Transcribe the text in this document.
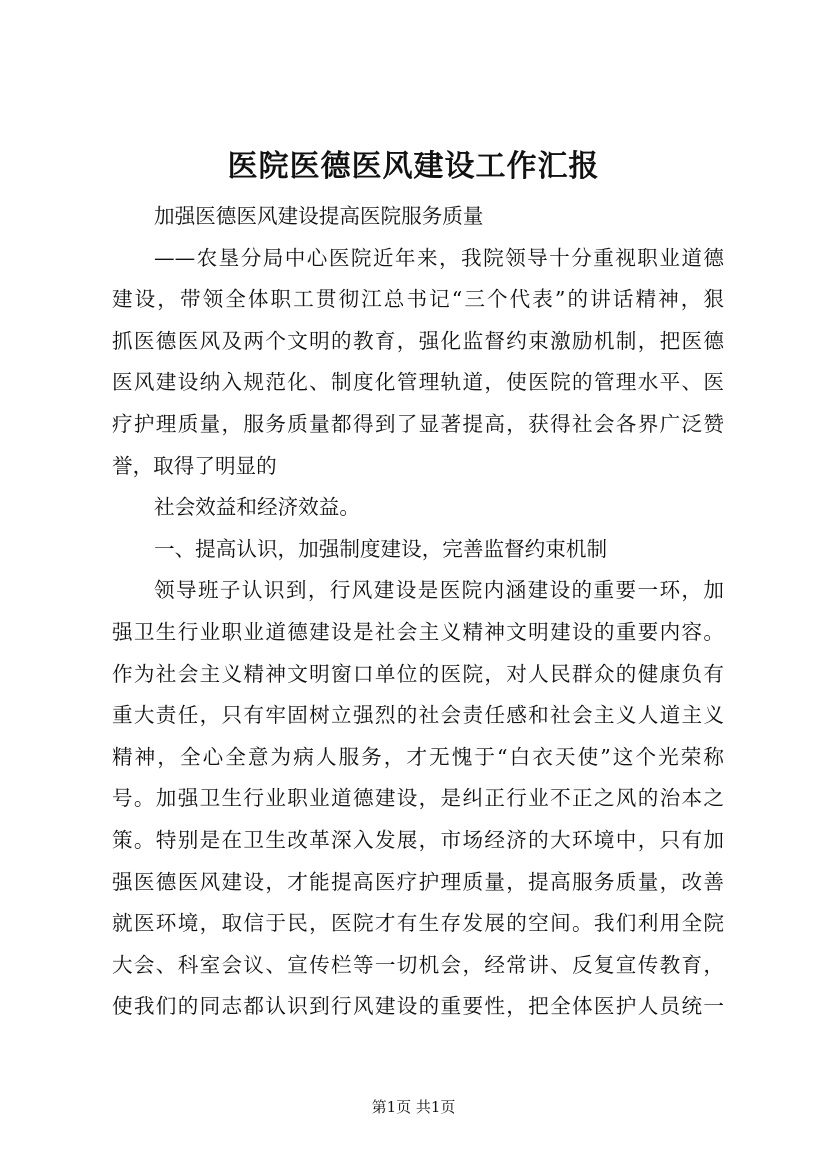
医院医德医风建设工作汇报
加强医德医风建设提高医院服务质量
——农垦分局中心医院近年来，我院领导十分重视职业道德
建设，带领全体职工贯彻江总书记“三个代表”的讲话精神，狠
抓医德医风及两个文明的教育，强化监督约束激励机制，把医德
医风建设纳入规范化、制度化管理轨道，使医院的管理水平、医
疗护理质量，服务质量都得到了显著提高，获得社会各界广泛赞
誉，取得了明显的
社会效益和经济效益。
一、提高认识，加强制度建设，完善监督约束机制
领导班子认识到，行风建设是医院内涵建设的重要一环，加
强卫生行业职业道德建设是社会主义精神文明建设的重要内容。
作为社会主义精神文明窗口单位的医院，对人民群众的健康负有
重大责任，只有牢固树立强烈的社会责任感和社会主义人道主义
精神，全心全意为病人服务，才无愧于“白衣天使”这个光荣称
号。加强卫生行业职业道德建设，是纠正行业不正之风的治本之
策。特别是在卫生改革深入发展，市场经济的大环境中，只有加
强医德医风建设，才能提高医疗护理质量，提高服务质量，改善
就医环境，取信于民，医院才有生存发展的空间。我们利用全院
大会、科室会议、宣传栏等一切机会，经常讲、反复宣传教育，
使我们的同志都认识到行风建设的重要性，把全体医护人员统一
第1页 共1页
